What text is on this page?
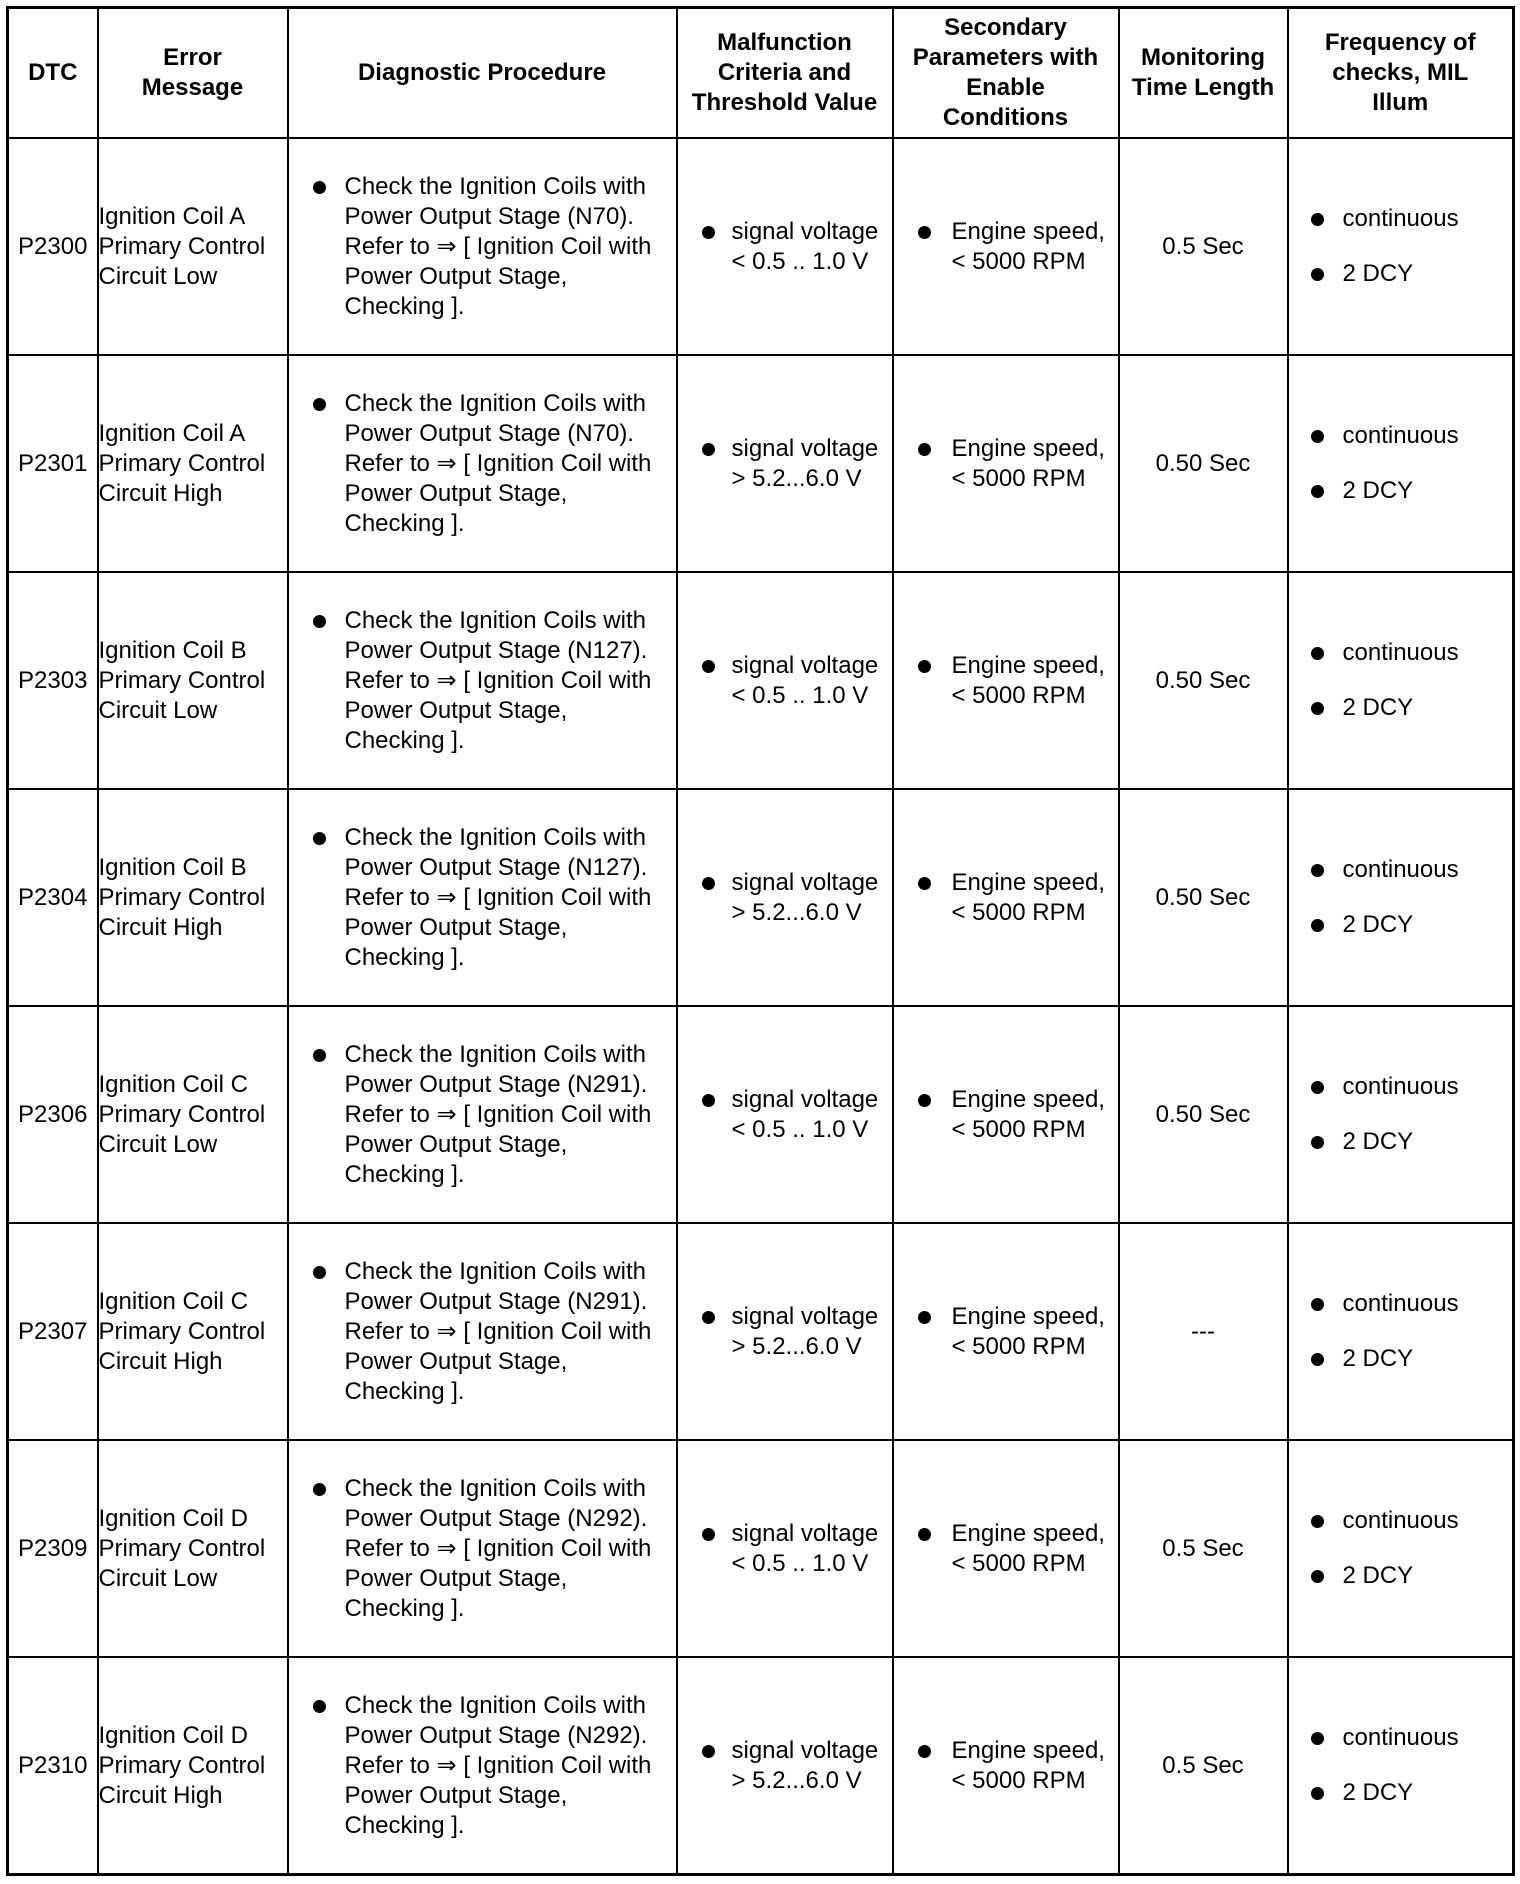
DTC	Error Message	Diagnostic Procedure	Malfunction Criteria and Threshold Value	Secondary Parameters with Enable Conditions	Monitoring Time Length	Frequency of checks, MIL Illum
P2300	Ignition Coil A Primary Control Circuit Low	Check the Ignition Coils with Power Output Stage (N70). Refer to ⇒ [ Ignition Coil with Power Output Stage, Checking ].	signal voltage < 0.5 .. 1.0 V	Engine speed, < 5000 RPM	0.5 Sec	continuous
2 DCY

P2301	Ignition Coil A Primary Control Circuit High	Check the Ignition Coils with Power Output Stage (N70). Refer to ⇒ [ Ignition Coil with Power Output Stage, Checking ].	signal voltage > 5.2...6.0 V	Engine speed, < 5000 RPM	0.50 Sec	continuous
2 DCY

P2303	Ignition Coil B Primary Control Circuit Low	Check the Ignition Coils with Power Output Stage (N127). Refer to ⇒ [ Ignition Coil with Power Output Stage, Checking ].	signal voltage < 0.5 .. 1.0 V	Engine speed, < 5000 RPM	0.50 Sec	continuous
2 DCY

P2304	Ignition Coil B Primary Control Circuit High	Check the Ignition Coils with Power Output Stage (N127). Refer to ⇒ [ Ignition Coil with Power Output Stage, Checking ].	signal voltage > 5.2...6.0 V	Engine speed, < 5000 RPM	0.50 Sec	continuous
2 DCY

P2306	Ignition Coil C Primary Control Circuit Low	Check the Ignition Coils with Power Output Stage (N291). Refer to ⇒ [ Ignition Coil with Power Output Stage, Checking ].	signal voltage < 0.5 .. 1.0 V	Engine speed, < 5000 RPM	0.50 Sec	continuous
2 DCY

P2307	Ignition Coil C Primary Control Circuit High	Check the Ignition Coils with Power Output Stage (N291). Refer to ⇒ [ Ignition Coil with Power Output Stage, Checking ].	signal voltage > 5.2...6.0 V	Engine speed, < 5000 RPM	---	continuous
2 DCY

P2309	Ignition Coil D Primary Control Circuit Low	Check the Ignition Coils with Power Output Stage (N292). Refer to ⇒ [ Ignition Coil with Power Output Stage, Checking ].	signal voltage < 0.5 .. 1.0 V	Engine speed, < 5000 RPM	0.5 Sec	continuous
2 DCY

P2310	Ignition Coil D Primary Control Circuit High	Check the Ignition Coils with Power Output Stage (N292). Refer to ⇒ [ Ignition Coil with Power Output Stage, Checking ].	signal voltage > 5.2...6.0 V	Engine speed, < 5000 RPM	0.5 Sec	continuous
2 DCY
